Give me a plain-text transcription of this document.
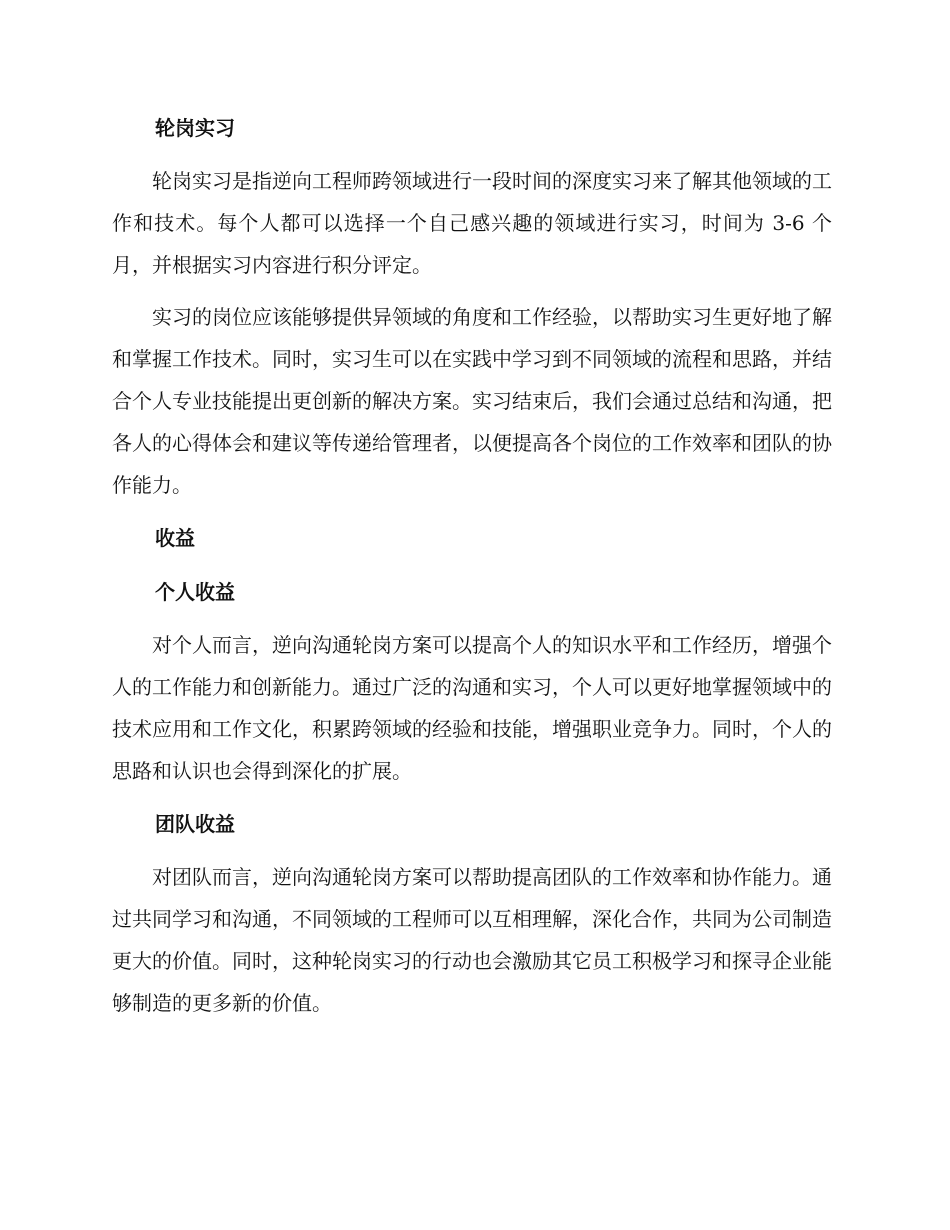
轮岗实习

轮岗实习是指逆向工程师跨领域进行一段时间的深度实习来了解其他领域的工作和技术。每个人都可以选择一个自己感兴趣的领域进行实习，时间为 3-6 个月，并根据实习内容进行积分评定。

实习的岗位应该能够提供异领域的角度和工作经验，以帮助实习生更好地了解和掌握工作技术。同时，实习生可以在实践中学习到不同领域的流程和思路，并结合个人专业技能提出更创新的解决方案。实习结束后，我们会通过总结和沟通，把各人的心得体会和建议等传递给管理者，以便提高各个岗位的工作效率和团队的协作能力。

收益
个人收益

对个人而言，逆向沟通轮岗方案可以提高个人的知识水平和工作经历，增强个人的工作能力和创新能力。通过广泛的沟通和实习，个人可以更好地掌握领域中的技术应用和工作文化，积累跨领域的经验和技能，增强职业竞争力。同时，个人的思路和认识也会得到深化的扩展。

团队收益

对团队而言，逆向沟通轮岗方案可以帮助提高团队的工作效率和协作能力。通过共同学习和沟通，不同领域的工程师可以互相理解，深化合作，共同为公司制造更大的价值。同时，这种轮岗实习的行动也会激励其它员工积极学习和探寻企业能够制造的更多新的价值。
